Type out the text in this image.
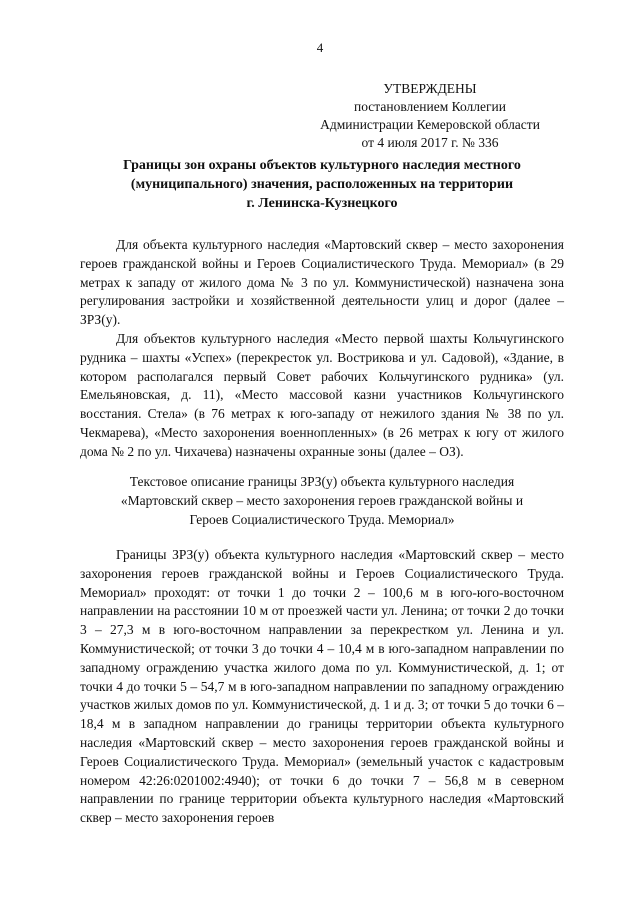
4
УТВЕРЖДЕНЫ
постановлением Коллегии
Администрации Кемеровской области
от 4 июля 2017 г. № 336
Границы зон охраны объектов культурного наследия местного
(муниципального) значения, расположенных на территории
г. Ленинска-Кузнецкого

Для объекта культурного наследия «Мартовский сквер – место захоронения героев гражданской войны и Героев Социалистического Труда. Мемориал» (в 29 метрах к западу от жилого дома № 3 по ул. Коммунистической) назначена зона регулирования застройки и хозяйственной деятельности улиц и дорог (далее – ЗРЗ(у).

Для объектов культурного наследия «Место первой шахты Кольчугинского рудника – шахты «Успех» (перекресток ул. Вострикова и ул. Садовой), «Здание, в котором располагался первый Совет рабочих Кольчугинского рудника» (ул. Емельяновская, д. 11), «Место массовой казни участников Кольчугинского восстания. Стела» (в 76 метрах к юго-западу от нежилого здания № 38 по ул. Чекмарева), «Место захоронения военнопленных» (в 26 метрах к югу от жилого дома № 2 по ул. Чихачева) назначены охранные зоны (далее – ОЗ).

Текстовое описание границы ЗРЗ(у) объекта культурного наследия
«Мартовский сквер – место захоронения героев гражданской войны и
Героев Социалистического Труда. Мемориал»

Границы ЗРЗ(у) объекта культурного наследия «Мартовский сквер – место захоронения героев гражданской войны и Героев Социалистического Труда. Мемориал» проходят: от точки 1 до точки 2 – 100,6 м в юго-юго-восточном направлении на расстоянии 10 м от проезжей части ул. Ленина; от точки 2 до точки 3 – 27,3 м в юго-восточном направлении за перекрестком ул. Ленина и ул. Коммунистической; от точки 3 до точки 4 – 10,4 м в юго-западном направлении по западному ограждению участка жилого дома по ул. Коммунистической, д. 1; от точки 4 до точки 5 – 54,7 м в юго-западном направлении по западному ограждению участков жилых домов по ул. Коммунистической, д. 1 и д. 3; от точки 5 до точки 6 – 18,4 м в западном направлении до границы территории объекта культурного наследия «Мартовский сквер – место захоронения героев гражданской войны и Героев Социалистического Труда. Мемориал» (земельный участок с кадастровым номером 42:26:0201002:4940); от точки 6 до точки 7 – 56,8 м в северном направлении по границе территории объекта культурного наследия «Мартовский сквер – место захоронения героев
